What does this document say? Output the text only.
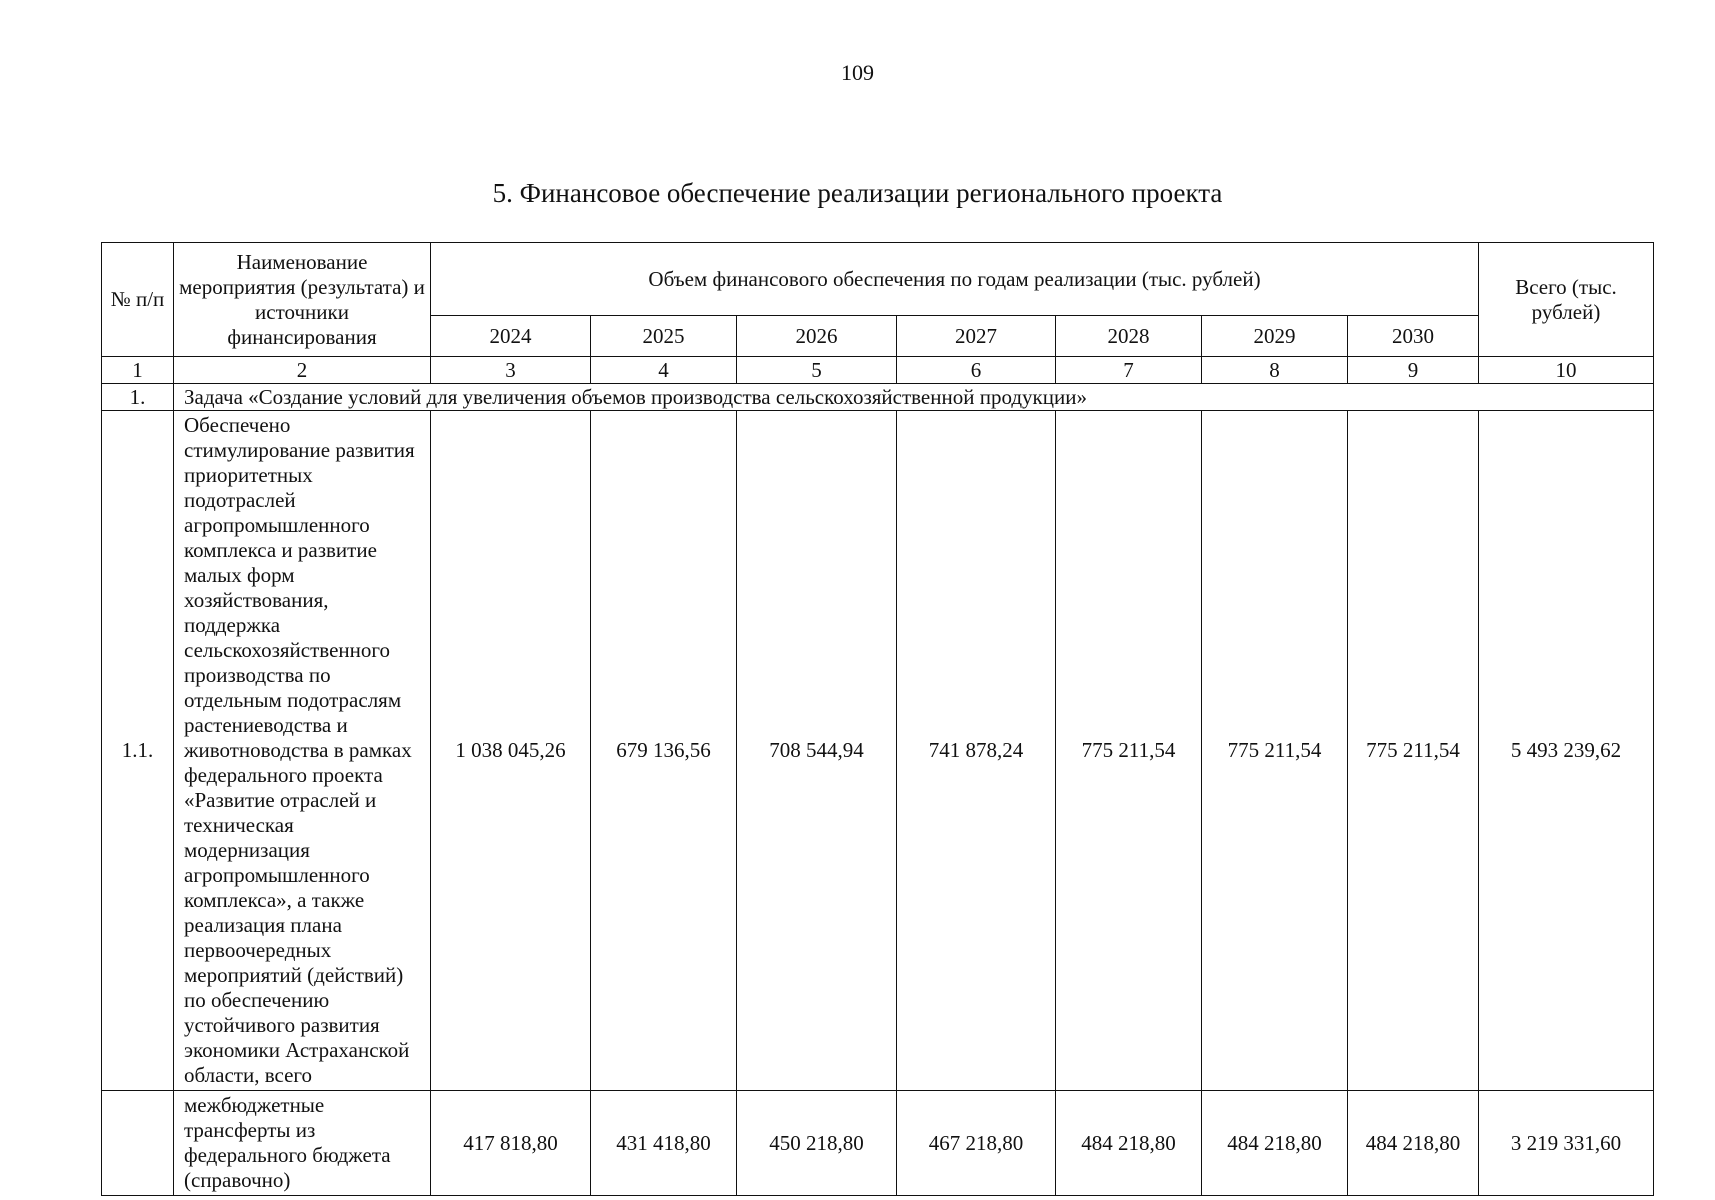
109
5. Финансовое обеспечение реализации регионального проекта
№ п/п	Наименование мероприятия (результата) и источники финансирования	Объем финансового обеспечения по годам реализации (тыс. рублей)							Всего (тыс. рублей)
		2024	2025	2026	2027	2028	2029	2030	
1	2	3	4	5	6	7	8	9	10
1.	Задача «Создание условий для увеличения объемов производства сельскохозяйственной продукции»								
1.1.	Обеспечено стимулирование развития приоритетных подотраслей агропромышленного комплекса и развитие малых форм хозяйствования, поддержка сельскохозяйственного производства по отдельным подотраслям растениеводства и животноводства в рамках федерального проекта «Развитие отраслей и техническая модернизация агропромышленного комплекса», а также реализация плана первоочередных мероприятий (действий) по обеспечению устойчивого развития экономики Астраханской области, всего	1 038 045,26	679 136,56	708 544,94	741 878,24	775 211,54	775 211,54	775 211,54	5 493 239,62
	межбюджетные трансферты из федерального бюджета (справочно)	417 818,80	431 418,80	450 218,80	467 218,80	484 218,80	484 218,80	484 218,80	3 219 331,60
